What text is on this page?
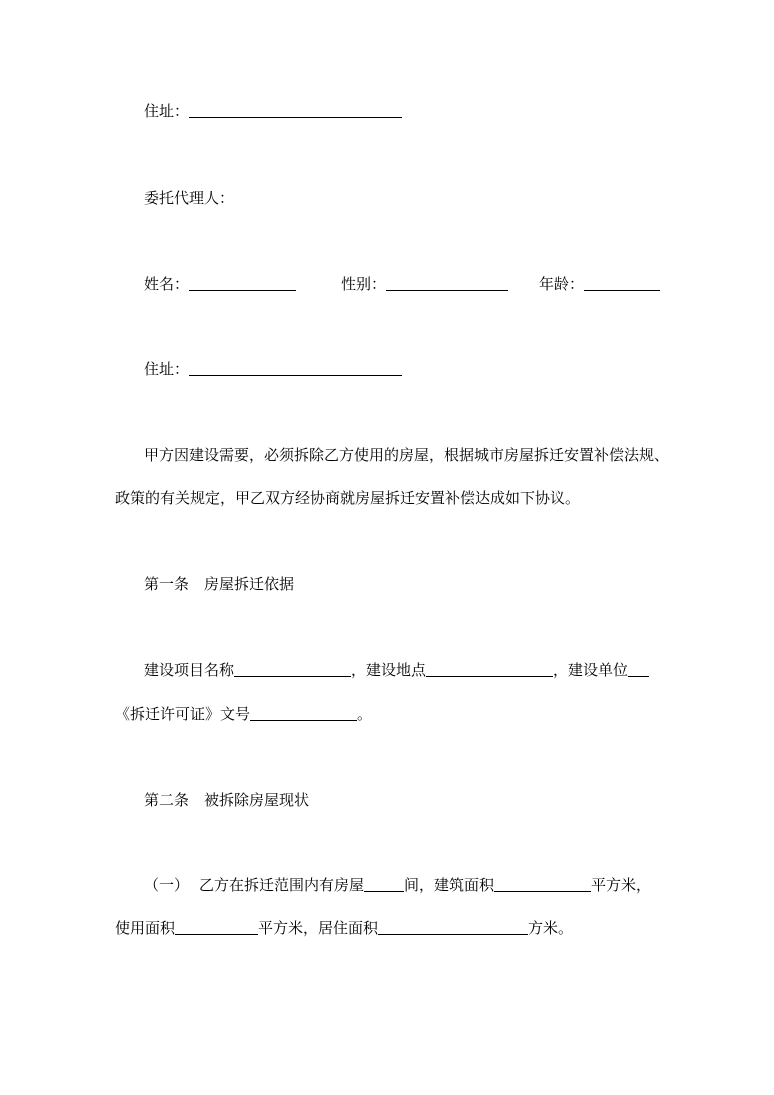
住址：
委托代理人：
姓名：	性别：	年龄：
住址：
甲方因建设需要，必须拆除乙方使用的房屋，根据城市房屋拆迁安置补偿法规、
政策的有关规定，甲乙双方经协商就房屋拆迁安置补偿达成如下协议。
第一条　房屋拆迁依据
建设项目名称	，建设地点	，建设单位
《拆迁许可证》文号	。
第二条　被拆除房屋现状
（一） 乙方在拆迁范围内有房屋	间，建筑面积	平方米，
使用面积	平方米，居住面积	方米。
